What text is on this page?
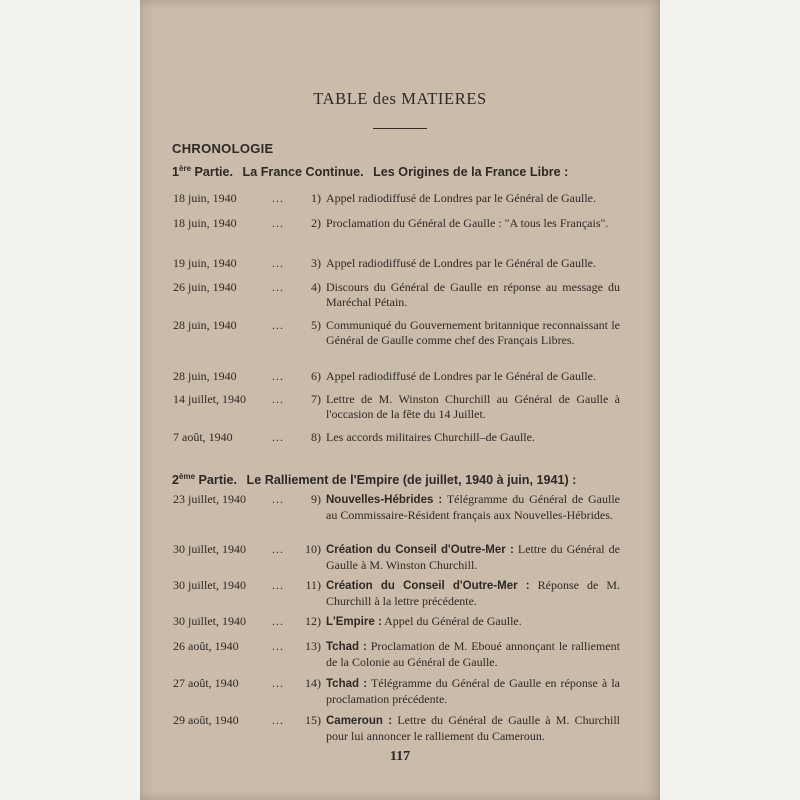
TABLE des MATIERES
CHRONOLOGIE
1ère Partie. La France Continue. Les Origines de la France Libre :
18 juin, 1940	...	1) Appel radiodiffusé de Londres par le Général de Gaulle.
18 juin, 1940	...	2) Proclamation du Général de Gaulle : "A tous les Français".
19 juin, 1940	...	3) Appel radiodiffusé de Londres par le Général de Gaulle.
26 juin, 1940	...	4) Discours du Général de Gaulle en réponse au message du Maréchal Pétain.
28 juin, 1940	...	5) Communiqué du Gouvernement britannique reconnaissant le Général de Gaulle comme chef des Français Libres.
28 juin, 1940	...	6) Appel radiodiffusé de Londres par le Général de Gaulle.
14 juillet, 1940 ...	7) Lettre de M. Winston Churchill au Général de Gaulle à l'occasion de la fête du 14 Juillet.
7 août, 1940	...	8) Les accords militaires Churchill–de Gaulle.
2ème Partie. Le Ralliement de l'Empire (de juillet, 1940 à juin, 1941) :
23 juillet, 1940 ...	9) Nouvelles-Hébrides : Télégramme du Général de Gaulle au Commissaire-Résident français aux Nouvelles-Hébrides.
30 juillet, 1940 ...	10) Création du Conseil d'Outre-Mer : Lettre du Général de Gaulle à M. Winston Churchill.
30 juillet, 1940 ...	11) Création du Conseil d'Outre-Mer : Réponse de M. Churchill à la lettre précédente.
30 juillet, 1940 ...	12) L'Empire : Appel du Général de Gaulle.
26 août, 1940	...	13) Tchad : Proclamation de M. Eboué annonçant le ralliement de la Colonie au Général de Gaulle.
27 août, 1940	...	14) Tchad : Télégramme du Général de Gaulle en réponse à la proclamation précédente.
29 août, 1940	...	15) Cameroun : Lettre du Général de Gaulle à M. Churchill pour lui annoncer le ralliement du Cameroun.
117
